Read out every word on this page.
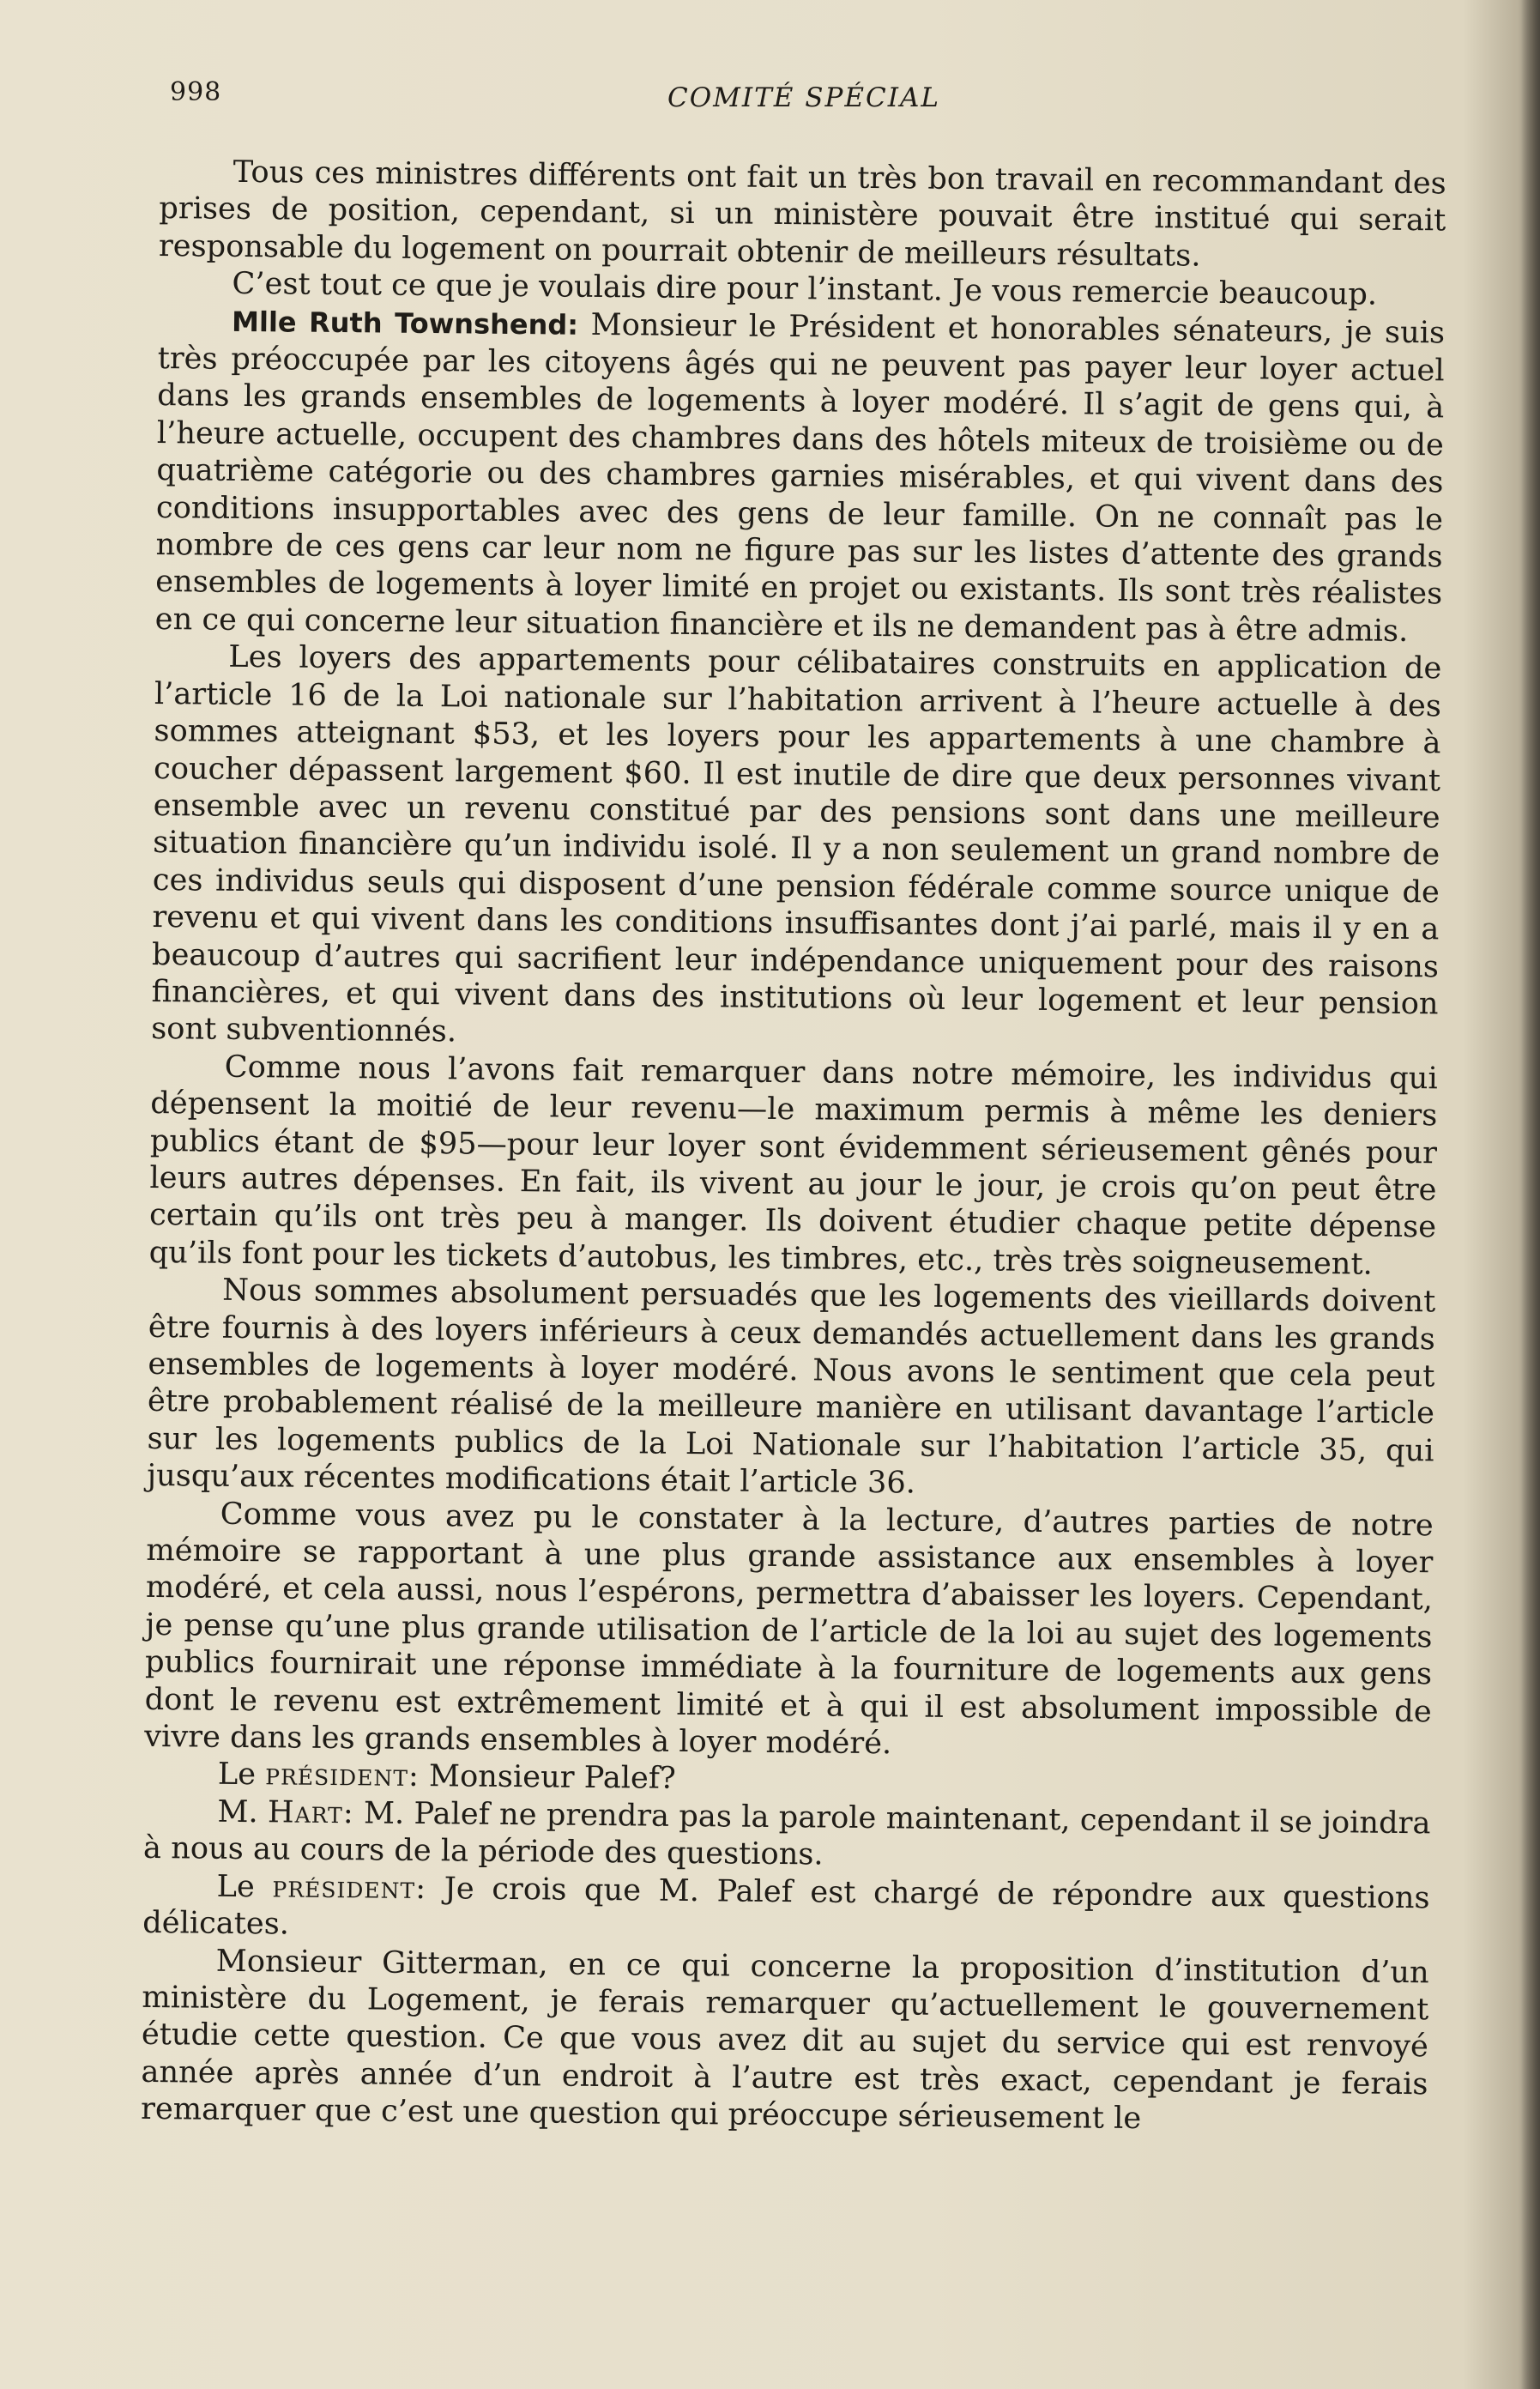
998	COMITÉ SPÉCIAL

Tous ces ministres différents ont fait un très bon travail en recommandant des prises de position, cependant, si un ministère pouvait être institué qui serait responsable du logement on pourrait obtenir de meilleurs résultats.

C’est tout ce que je voulais dire pour l’instant. Je vous remercie beaucoup.

Mlle Ruth Townshend: Monsieur le Président et honorables sénateurs, je suis très préoccupée par les citoyens âgés qui ne peuvent pas payer leur loyer actuel dans les grands ensembles de logements à loyer modéré. Il s’agit de gens qui, à l’heure actuelle, occupent des chambres dans des hôtels miteux de troisième ou de quatrième catégorie ou des chambres garnies misérables, et qui vivent dans des conditions insupportables avec des gens de leur famille. On ne connaît pas le nombre de ces gens car leur nom ne figure pas sur les listes d’attente des grands ensembles de logements à loyer limité en projet ou existants. Ils sont très réalistes en ce qui concerne leur situation financière et ils ne demandent pas à être admis.

Les loyers des appartements pour célibataires construits en application de l’article 16 de la Loi nationale sur l’habitation arrivent à l’heure actuelle à des sommes atteignant $53, et les loyers pour les appartements à une chambre à coucher dépassent largement $60. Il est inutile de dire que deux personnes vivant ensemble avec un revenu constitué par des pensions sont dans une meilleure situation financière qu’un individu isolé. Il y a non seulement un grand nombre de ces individus seuls qui disposent d’une pension fédérale comme source unique de revenu et qui vivent dans les conditions insuffisantes dont j’ai parlé, mais il y en a beaucoup d’autres qui sacrifient leur indépendance uniquement pour des raisons financières, et qui vivent dans des institutions où leur logement et leur pension sont subventionnés.

Comme nous l’avons fait remarquer dans notre mémoire, les individus qui dépensent la moitié de leur revenu—le maximum permis à même les deniers publics étant de $95—pour leur loyer sont évidemment sérieusement gênés pour leurs autres dépenses. En fait, ils vivent au jour le jour, je crois qu’on peut être certain qu’ils ont très peu à manger. Ils doivent étudier chaque petite dépense qu’ils font pour les tickets d’autobus, les timbres, etc., très très soigneusement.

Nous sommes absolument persuadés que les logements des vieillards doivent être fournis à des loyers inférieurs à ceux demandés actuellement dans les grands ensembles de logements à loyer modéré. Nous avons le sentiment que cela peut être probablement réalisé de la meilleure manière en utilisant davantage l’article sur les logements publics de la Loi Nationale sur l’habitation l’article 35, qui jusqu’aux récentes modifications était l’article 36.

Comme vous avez pu le constater à la lecture, d’autres parties de notre mémoire se rapportant à une plus grande assistance aux ensembles à loyer modéré, et cela aussi, nous l’espérons, permettra d’abaisser les loyers. Cependant, je pense qu’une plus grande utilisation de l’article de la loi au sujet des logements publics fournirait une réponse immédiate à la fourniture de logements aux gens dont le revenu est extrêmement limité et à qui il est absolument impossible de vivre dans les grands ensembles à loyer modéré.

Le président: Monsieur Palef?

M. Hart: M. Palef ne prendra pas la parole maintenant, cependant il se joindra à nous au cours de la période des questions.

Le président: Je crois que M. Palef est chargé de répondre aux questions délicates.

Monsieur Gitterman, en ce qui concerne la proposition d’institution d’un ministère du Logement, je ferais remarquer qu’actuellement le gouvernement étudie cette question. Ce que vous avez dit au sujet du service qui est renvoyé année après année d’un endroit à l’autre est très exact, cependant je ferais remarquer que c’est une question qui préoccupe sérieusement le
